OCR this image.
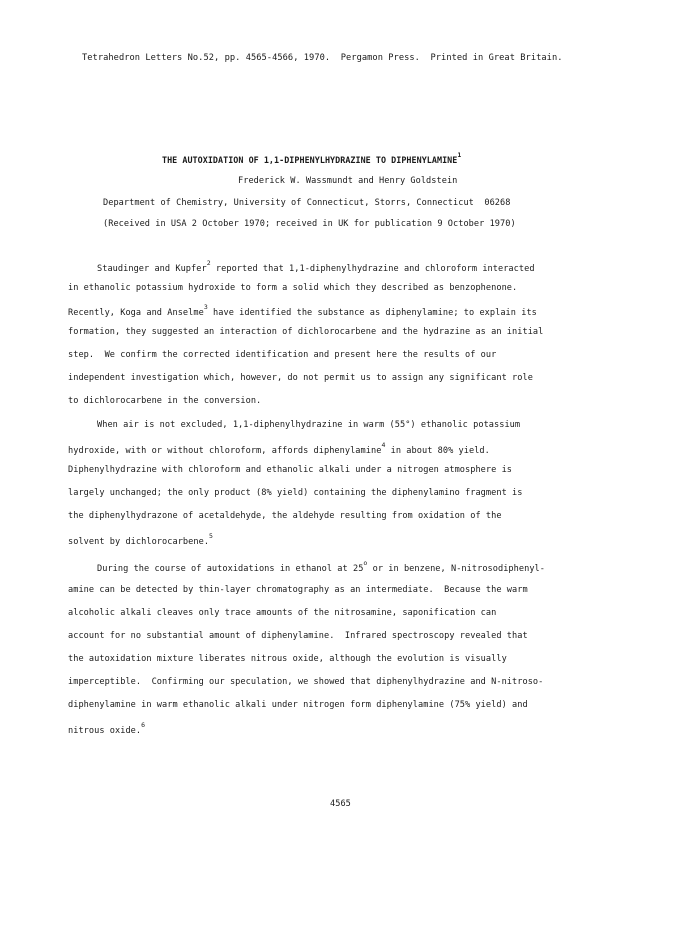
Tetrahedron Letters No.52, pp. 4565-4566, 1970.  Pergamon Press.  Printed in Great Britain.
THE AUTOXIDATION OF 1,1-DIPHENYLHYDRAZINE TO DIPHENYLAMINE$^1$
Frederick W. Wassmundt and Henry Goldstein
Department of Chemistry, University of Connecticut, Storrs, Connecticut  06268
(Received in USA 2 October 1970; received in UK for publication 9 October 1970)
Staudinger and Kupfer$^2$ reported that 1,1-diphenylhydrazine and chloroform interacted
in ethanolic potassium hydroxide to form a solid which they described as benzophenone.
Recently, Koga and Anselme$^3$ have identified the substance as diphenylamine; to explain its
formation, they suggested an interaction of dichlorocarbene and the hydrazine as an initial
step.  We confirm the corrected identification and present here the results of our
independent investigation which, however, do not permit us to assign any significant role
to dichlorocarbene in the conversion.
When air is not excluded, 1,1-diphenylhydrazine in warm (55°) ethanolic potassium
hydroxide, with or without chloroform, affords diphenylamine$^4$ in about 80% yield.
Diphenylhydrazine with chloroform and ethanolic alkali under a nitrogen atmosphere is
largely unchanged; the only product (8% yield) containing the diphenylamino fragment is
the diphenylhydrazone of acetaldehyde, the aldehyde resulting from oxidation of the
solvent by dichlorocarbene.$^5$
During the course of autoxidations in ethanol at 25$^o$ or in benzene, N-nitrosodiphenyl-
amine can be detected by thin-layer chromatography as an intermediate.  Because the warm
alcoholic alkali cleaves only trace amounts of the nitrosamine, saponification can
account for no substantial amount of diphenylamine.  Infrared spectroscopy revealed that
the autoxidation mixture liberates nitrous oxide, although the evolution is visually
imperceptible.  Confirming our speculation, we showed that diphenylhydrazine and N-nitroso-
diphenylamine in warm ethanolic alkali under nitrogen form diphenylamine (75% yield) and
nitrous oxide.$^6$
4565
